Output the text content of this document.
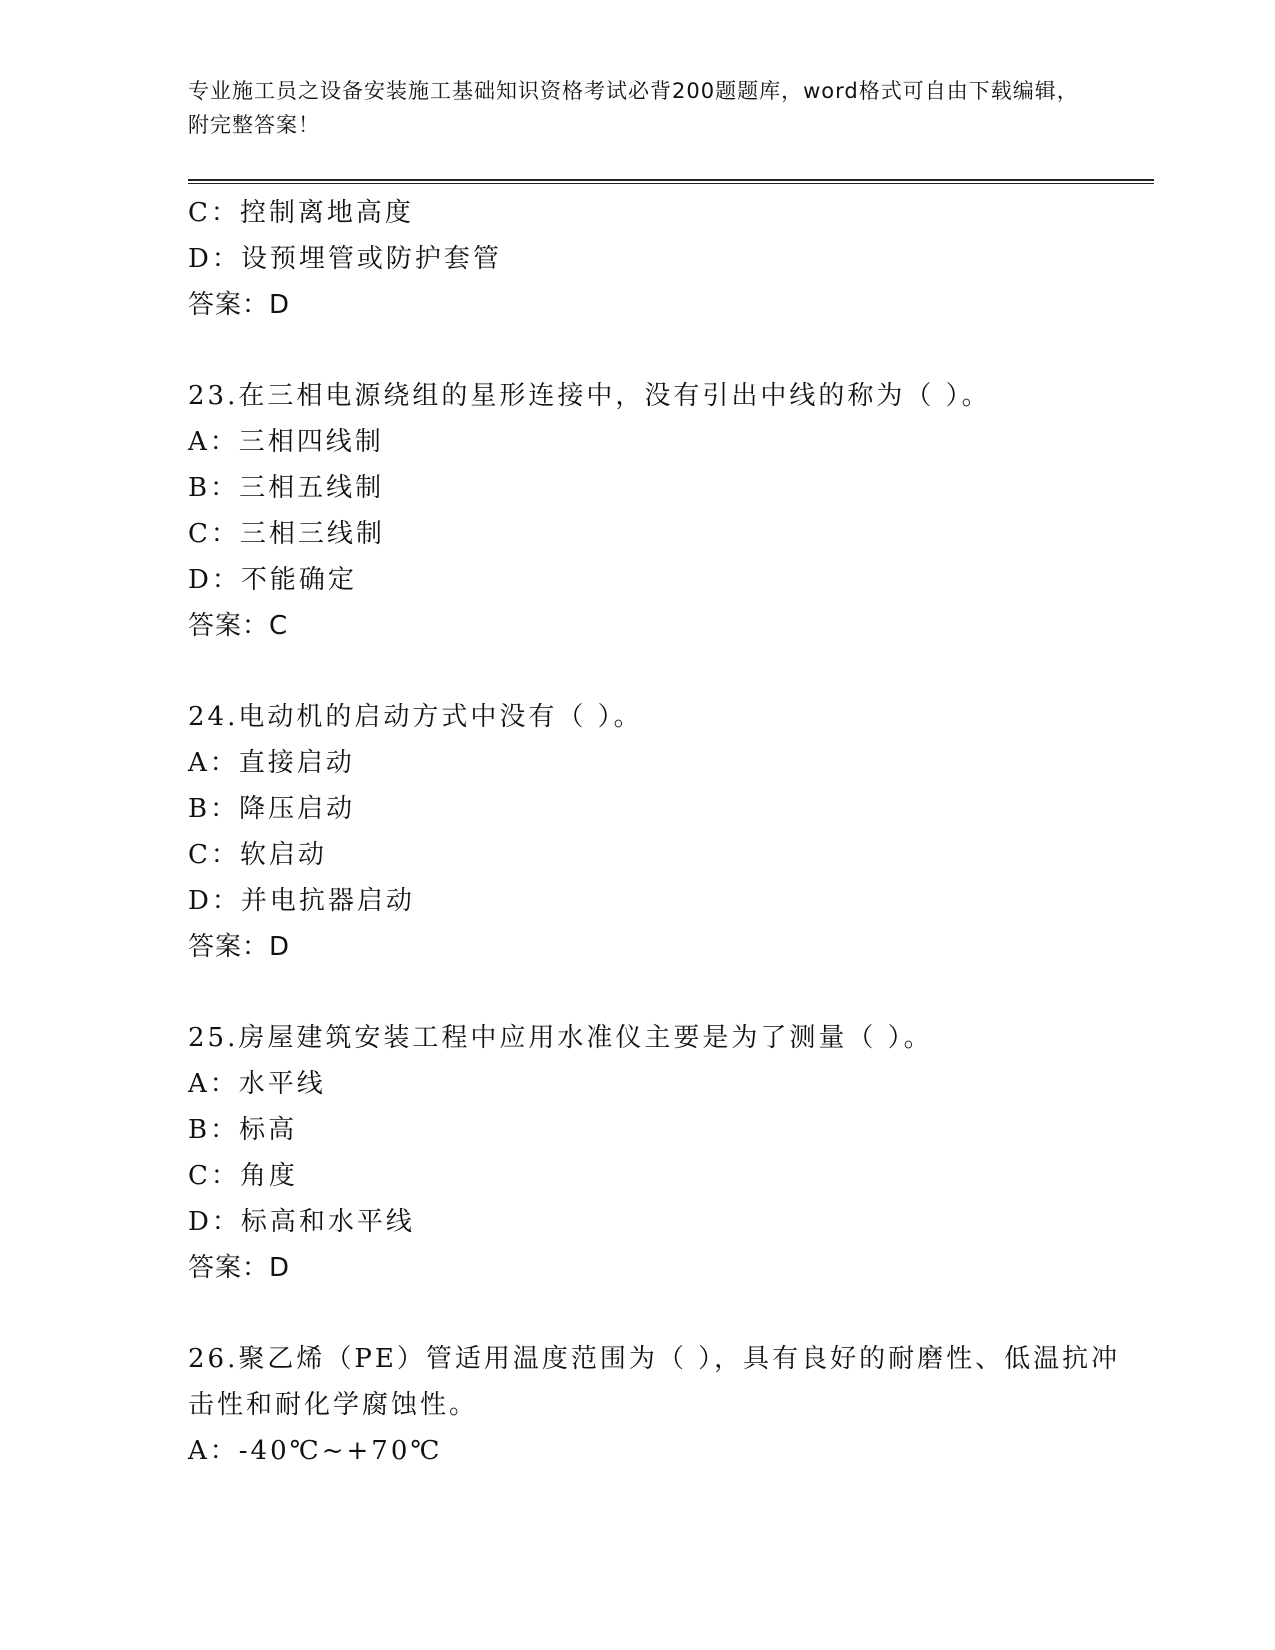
专业施工员之设备安装施工基础知识资格考试必背200题题库，word格式可自由下载编辑，附完整答案！
C：控制离地高度
D：设预埋管或防护套管
答案：D
23.在三相电源绕组的星形连接中，没有引出中线的称为（ ）。
A：三相四线制
B：三相五线制
C：三相三线制
D：不能确定
答案：C
24.电动机的启动方式中没有（ ）。
A：直接启动
B：降压启动
C：软启动
D：并电抗器启动
答案：D
25.房屋建筑安装工程中应用水准仪主要是为了测量（ ）。
A：水平线
B：标高
C：角度
D：标高和水平线
答案：D
26.聚乙烯（PE）管适用温度范围为（ ），具有良好的耐磨性、低温抗冲击性和耐化学腐蚀性。
A：-40℃~+70℃
